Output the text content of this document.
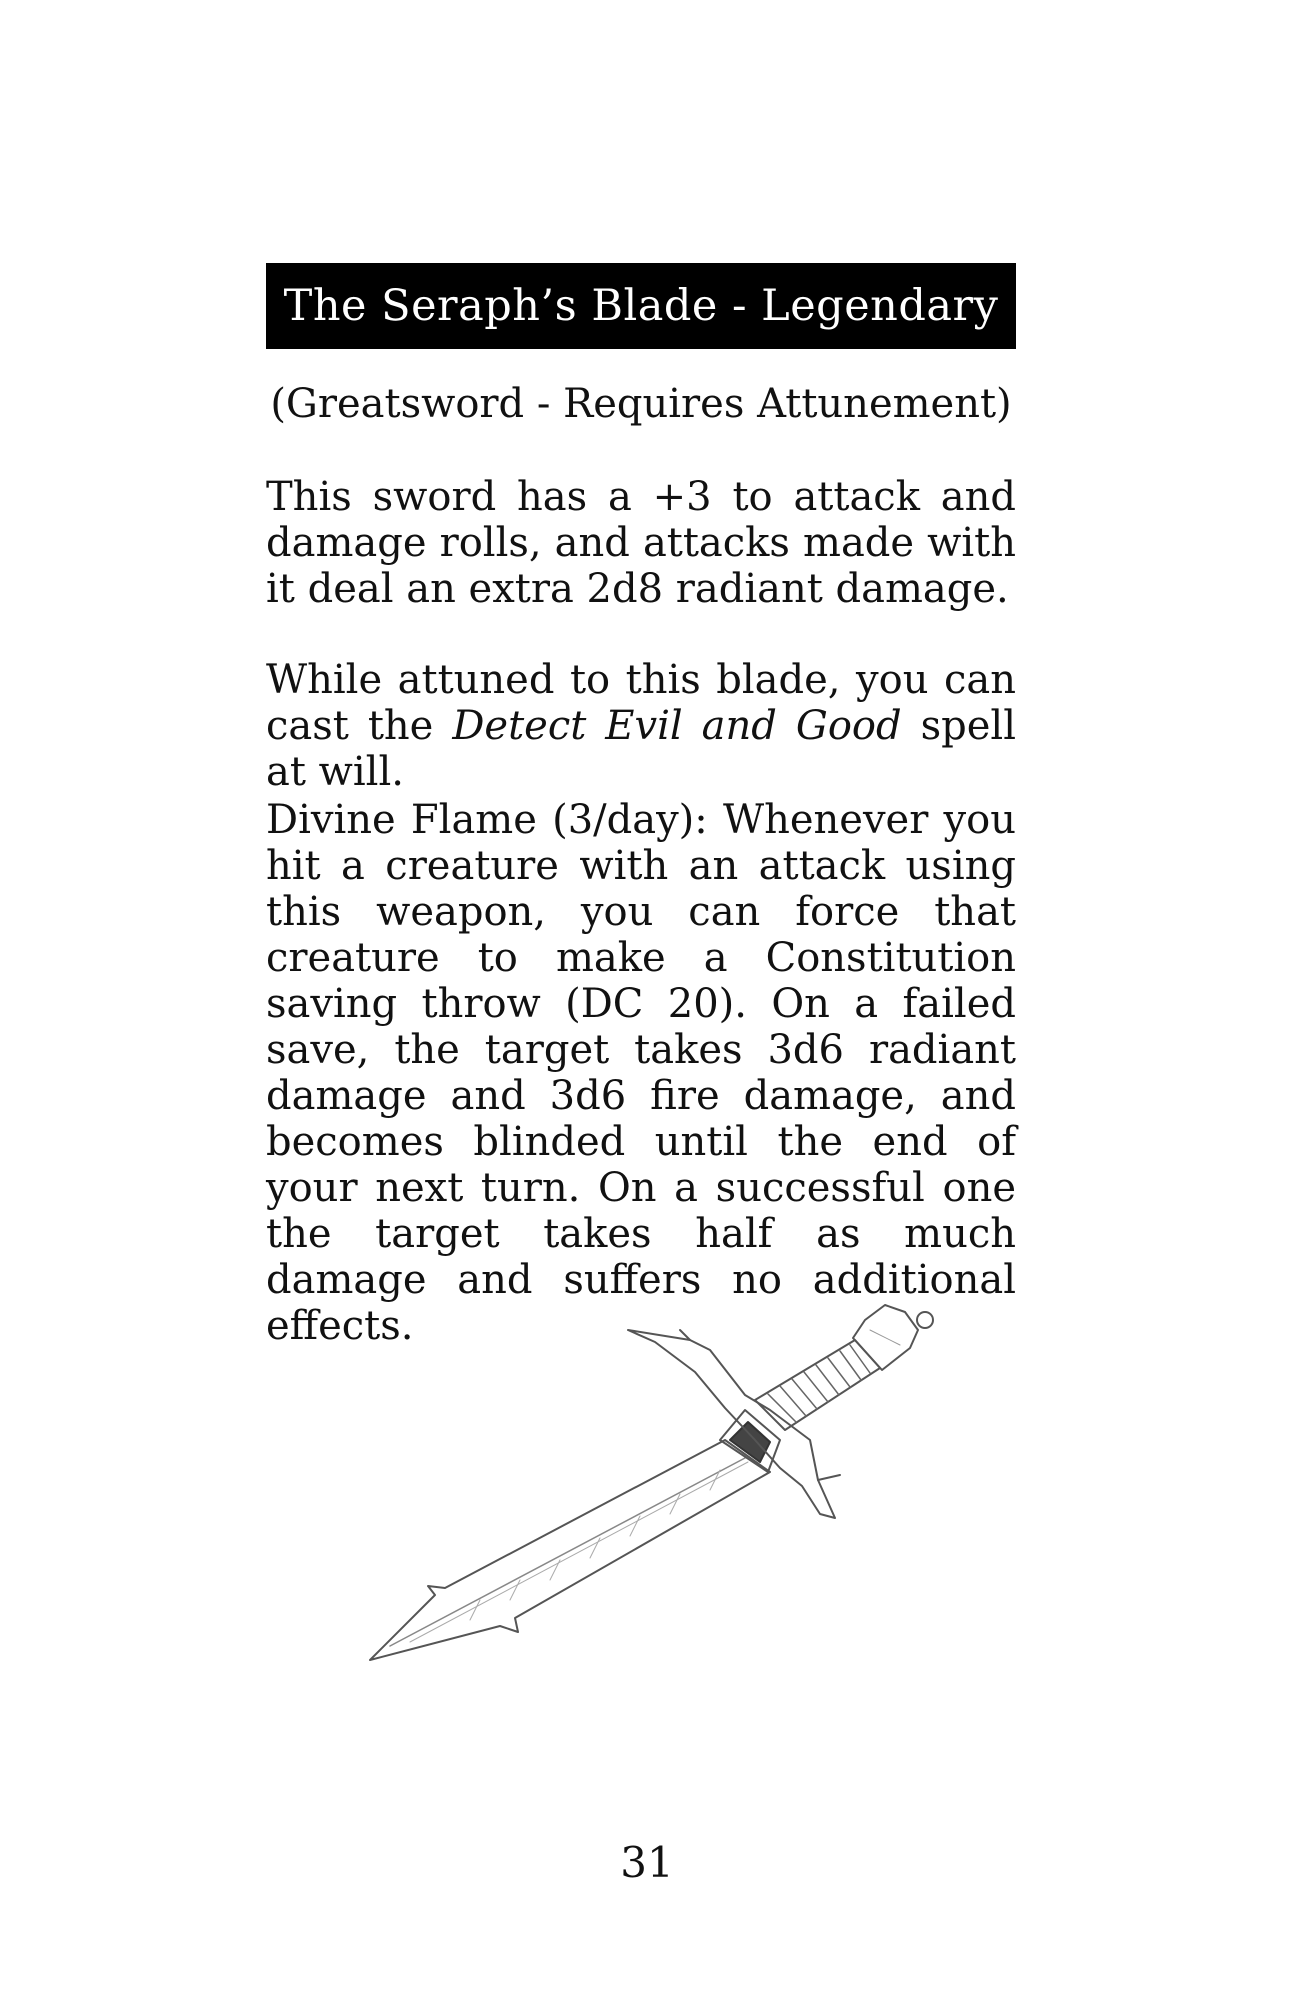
The Seraph’s Blade - Legendary
(Greatsword - Requires Attunement)

This sword has a +3 to attack and damage rolls, and attacks made with it deal an extra 2d8 radiant damage.

While attuned to this blade, you can cast the Detect Evil and Good spell at will.

Divine Flame (3/day): Whenever you hit a creature with an attack using this weapon, you can force that creature to make a Constitution saving throw (DC 20). On a failed save, the target takes 3d6 radiant damage and 3d6 fire damage, and becomes blinded until the end of your next turn. On a successful one the target takes half as much damage and suffers no additional effects.

31
